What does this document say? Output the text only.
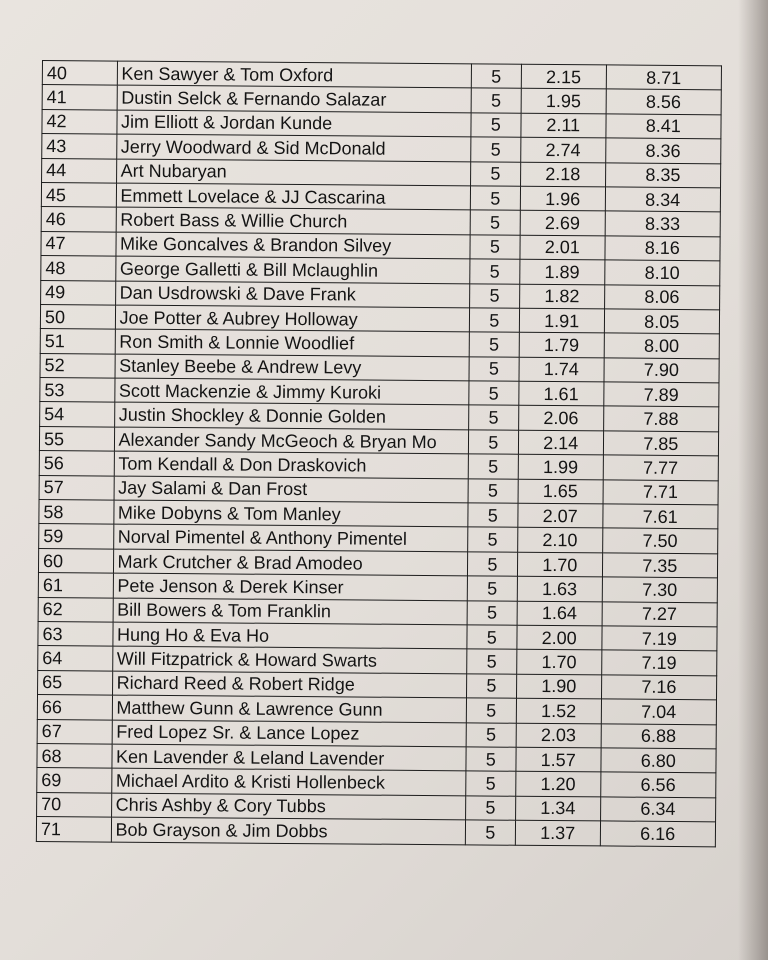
40	Ken Sawyer & Tom Oxford	5	2.15	8.71
41	Dustin Selck & Fernando Salazar	5	1.95	8.56
42	Jim Elliott & Jordan Kunde	5	2.11	8.41
43	Jerry Woodward & Sid McDonald	5	2.74	8.36
44	Art Nubaryan	5	2.18	8.35
45	Emmett Lovelace & JJ Cascarina	5	1.96	8.34
46	Robert Bass & Willie Church	5	2.69	8.33
47	Mike Goncalves & Brandon Silvey	5	2.01	8.16
48	George Galletti & Bill Mclaughlin	5	1.89	8.10
49	Dan Usdrowski & Dave Frank	5	1.82	8.06
50	Joe Potter & Aubrey Holloway	5	1.91	8.05
51	Ron Smith & Lonnie Woodlief	5	1.79	8.00
52	Stanley Beebe & Andrew Levy	5	1.74	7.90
53	Scott Mackenzie & Jimmy Kuroki	5	1.61	7.89
54	Justin Shockley & Donnie Golden	5	2.06	7.88
55	Alexander Sandy McGeoch & Bryan Mo	5	2.14	7.85
56	Tom Kendall & Don Draskovich	5	1.99	7.77
57	Jay Salami & Dan Frost	5	1.65	7.71
58	Mike Dobyns & Tom Manley	5	2.07	7.61
59	Norval Pimentel & Anthony Pimentel	5	2.10	7.50
60	Mark Crutcher & Brad Amodeo	5	1.70	7.35
61	Pete Jenson & Derek Kinser	5	1.63	7.30
62	Bill Bowers & Tom Franklin	5	1.64	7.27
63	Hung Ho & Eva Ho	5	2.00	7.19
64	Will Fitzpatrick & Howard Swarts	5	1.70	7.19
65	Richard Reed & Robert Ridge	5	1.90	7.16
66	Matthew Gunn & Lawrence Gunn	5	1.52	7.04
67	Fred Lopez Sr. & Lance Lopez	5	2.03	6.88
68	Ken Lavender & Leland Lavender	5	1.57	6.80
69	Michael Ardito & Kristi Hollenbeck	5	1.20	6.56
70	Chris Ashby & Cory Tubbs	5	1.34	6.34
71	Bob Grayson & Jim Dobbs	5	1.37	6.16
